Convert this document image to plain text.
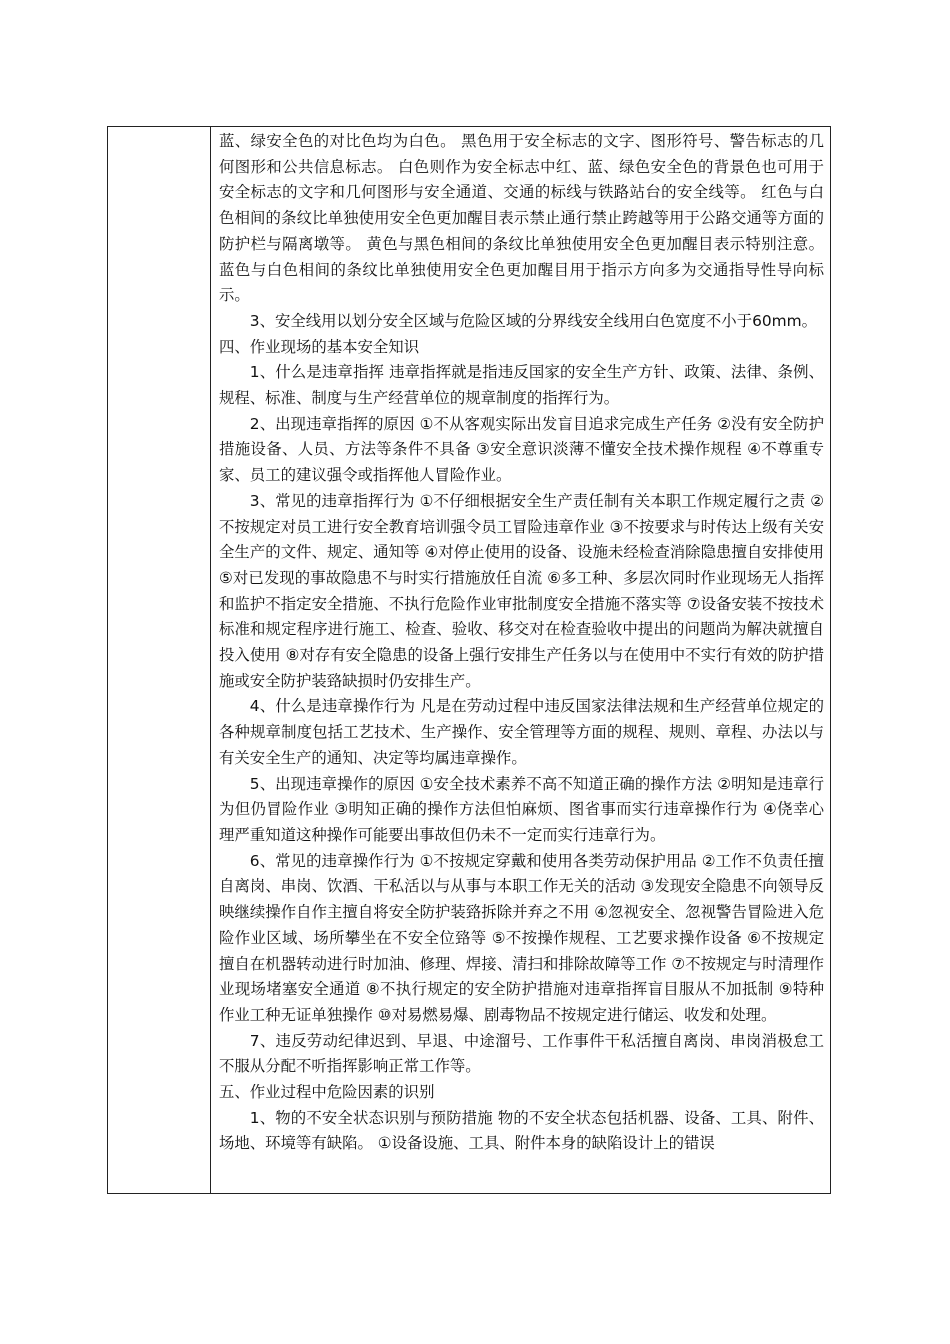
蓝、绿安全色的对比色均为白色。 黑色用于安全标志的文字、图形符号、警告标志的几何图形和公共信息标志。 白色则作为安全标志中红、蓝、绿色安全色的背景色也可用于安全标志的文字和几何图形与安全通道、交通的标线与铁路站台的安全线等。 红色与白色相间的条纹比单独使用安全色更加醒目表示禁止通行禁止跨越等用于公路交通等方面的防护栏与隔离墩等。 黄色与黑色相间的条纹比单独使用安全色更加醒目表示特别注意。 蓝色与白色相间的条纹比单独使用安全色更加醒目用于指示方向多为交通指导性导向标示。

3、安全线用以划分安全区域与危险区域的分界线安全线用白色宽度不小于60mm。

四、作业现场的基本安全知识

1、什么是违章指挥 违章指挥就是指违反国家的安全生产方针、政策、法律、条例、规程、标准、制度与生产经营单位的规章制度的指挥行为。

2、出现违章指挥的原因 ①不从客观实际出发盲目追求完成生产任务 ②没有安全防护措施设备、人员、方法等条件不具备 ③安全意识淡薄不懂安全技术操作规程 ④不尊重专家、员工的建议强令或指挥他人冒险作业。

3、常见的违章指挥行为 ①不仔细根据安全生产责任制有关本职工作规定履行之责 ②不按规定对员工进行安全教育培训强令员工冒险违章作业 ③不按要求与时传达上级有关安全生产的文件、规定、通知等 ④对停止使用的设备、设施未经检查消除隐患擅自安排使用 ⑤对已发现的事故隐患不与时实行措施放任自流 ⑥多工种、多层次同时作业现场无人指挥和监护不指定安全措施、不执行危险作业审批制度安全措施不落实等 ⑦设备安装不按技术标准和规定程序进行施工、检查、验收、移交对在检查验收中提出的问题尚为解决就擅自投入使用 ⑧对存有安全隐患的设备上强行安排生产任务以与在使用中不实行有效的防护措施或安全防护装臵缺损时仍安排生产。

4、什么是违章操作行为 凡是在劳动过程中违反国家法律法规和生产经营单位规定的各种规章制度包括工艺技术、生产操作、安全管理等方面的规程、规则、章程、办法以与有关安全生产的通知、决定等均属违章操作。

5、出现违章操作的原因 ①安全技术素养不高不知道正确的操作方法 ②明知是违章行为但仍冒险作业 ③明知正确的操作方法但怕麻烦、图省事而实行违章操作行为 ④侥幸心理严重知道这种操作可能要出事故但仍未不一定而实行违章行为。

6、常见的违章操作行为 ①不按规定穿戴和使用各类劳动保护用品 ②工作不负责任擅自离岗、串岗、饮酒、干私活以与从事与本职工作无关的活动 ③发现安全隐患不向领导反映继续操作自作主擅自将安全防护装臵拆除并弃之不用 ④忽视安全、忽视警告冒险进入危险作业区域、场所攀坐在不安全位臵等 ⑤不按操作规程、工艺要求操作设备 ⑥不按规定擅自在机器转动进行时加油、修理、焊接、清扫和排除故障等工作 ⑦不按规定与时清理作业现场堵塞安全通道 ⑧不执行规定的安全防护措施对违章指挥盲目服从不加抵制 ⑨特种作业工种无证单独操作 ⑩对易燃易爆、剧毒物品不按规定进行储运、收发和处理。

7、违反劳动纪律迟到、早退、中途溜号、工作事件干私活擅自离岗、串岗消极怠工不服从分配不听指挥影响正常工作等。

五、作业过程中危险因素的识别

1、物的不安全状态识别与预防措施 物的不安全状态包括机器、设备、工具、附件、场地、环境等有缺陷。 ①设备设施、工具、附件本身的缺陷设计上的错误
